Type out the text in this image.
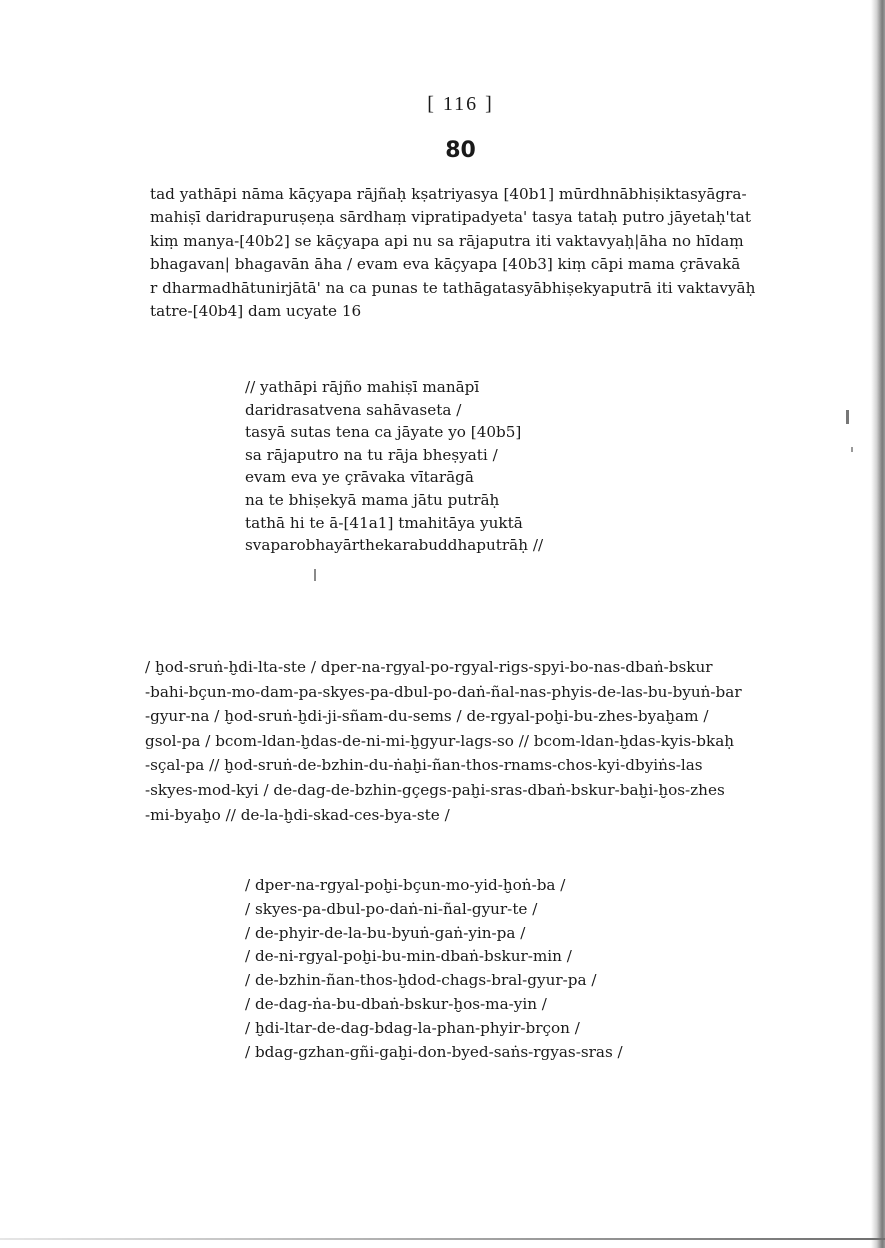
[ 116 ]
80
tad yathāpi nāma kāçyapa rājñaḥ kṣatriyasya [40b1] mūrdhnābhiṣiktasyāgra-
mahiṣī daridrapuruṣeṇa sārdhaṃ vipratipadyeta' tasya tataḥ putro jāyetaḥ'tat
kiṃ manya-[40b2] se kāçyapa api nu sa rājaputra iti vaktavyaḥ|āha no hīdaṃ
bhagavan| bhagavān āha / evam eva kāçyapa [40b3] kiṃ cāpi mama çrāvakā
r dharmadhātunirjātā' na ca punas te tathāgatasyābhiṣekyaputrā iti vaktavyāḥ
tatre-[40b4] dam ucyate 16
// yathāpi rājño mahiṣī manāpī
daridrasatvena sahāvaseta /
tasyā sutas tena ca jāyate yo [40b5]
sa rājaputro na tu rāja bheṣyati /
evam eva ye çrāvaka vītarāgā
na te bhiṣekyā mama jātu putrāḥ
tathā hi te ā-[41a1] tmahitāya yuktā
svaparobhayārthekarabuddhaputrāḥ //
/ ḫod-sruṅ-ḫdi-lta-ste / dper-na-rgyal-po-rgyal-rigs-spyi-bo-nas-dbaṅ-bskur
-bahi-bçun-mo-dam-pa-skyes-pa-dbul-po-daṅ-ñal-nas-phyis-de-las-bu-byuṅ-bar
-gyur-na / ḫod-sruṅ-ḫdi-ji-sñam-du-sems / de-rgyal-poḫi-bu-zhes-byaḫam /
gsol-pa / bcom-ldan-ḫdas-de-ni-mi-ḫgyur-lags-so // bcom-ldan-ḫdas-kyis-bkaḥ
-sçal-pa // ḫod-sruṅ-de-bzhin-du-ṅaḫi-ñan-thos-rnams-chos-kyi-dbyiṅs-las
-skyes-mod-kyi / de-dag-de-bzhin-gçegs-paḫi-sras-dbaṅ-bskur-baḫi-ḫos-zhes
-mi-byaḫo // de-la-ḫdi-skad-ces-bya-ste /
/ dper-na-rgyal-poḫi-bçun-mo-yid-ḫoṅ-ba /
/ skyes-pa-dbul-po-daṅ-ni-ñal-gyur-te /
/ de-phyir-de-la-bu-byuṅ-gaṅ-yin-pa /
/ de-ni-rgyal-poḫi-bu-min-dbaṅ-bskur-min /
/ de-bzhin-ñan-thos-ḫdod-chags-bral-gyur-pa /
/ de-dag-ṅa-bu-dbaṅ-bskur-ḫos-ma-yin /
/ ḫdi-ltar-de-dag-bdag-la-phan-phyir-brçon /
/ bdag-gzhan-gñi-gaḫi-don-byed-saṅs-rgyas-sras /
